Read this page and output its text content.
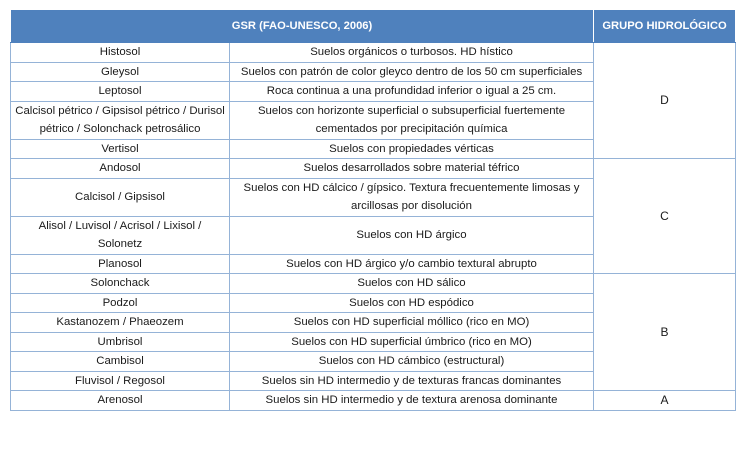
GSR (FAO-UNESCO, 2006)		GRUPO HIDROLÓGICO
Histosol	Suelos orgánicos o turbosos. HD hístico	D
Gleysol	Suelos con patrón de color gleyco dentro de los 50 cm superficiales	
Leptosol	Roca continua a una profundidad inferior o igual a 25 cm.	
Calcisol pétrico / Gipsisol pétrico / Durisol pétrico / Solonchack petrosálico	Suelos con horizonte superficial o subsuperficial fuertemente cementados por precipitación química	
Vertisol	Suelos con propiedades vérticas	
Andosol	Suelos desarrollados sobre material téfrico	C
Calcisol / Gipsisol	Suelos con HD cálcico / gípsico. Textura frecuentemente limosas y arcillosas por disolución	
Alisol / Luvisol / Acrisol / Lixisol / Solonetz	Suelos con HD árgico	
Planosol	Suelos con HD árgico y/o cambio textural abrupto	
Solonchack	Suelos con HD sálico	B
Podzol	Suelos con HD espódico	
Kastanozem / Phaeozem	Suelos con HD superficial móllico (rico en MO)	
Umbrisol	Suelos con HD superficial úmbrico (rico en MO)	
Cambisol	Suelos con HD cámbico (estructural)	
Fluvisol / Regosol	Suelos sin HD intermedio y de texturas francas dominantes	
Arenosol	Suelos sin HD intermedio y de textura arenosa dominante	A
